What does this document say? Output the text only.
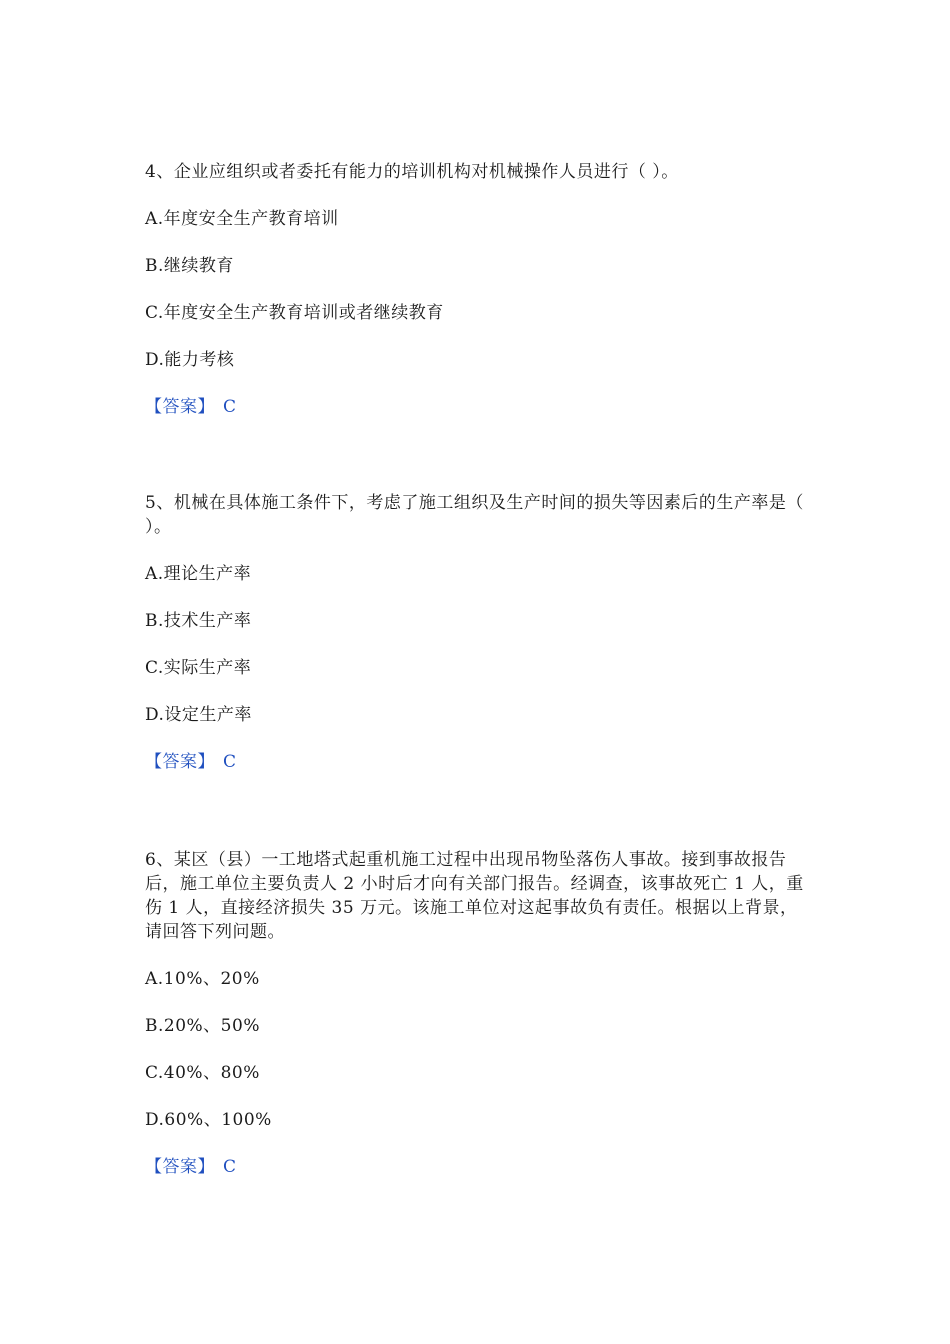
4、企业应组织或者委托有能力的培训机构对机械操作人员进行（ ）。

A.年度安全生产教育培训
B.继续教育
C.年度安全生产教育培训或者继续教育
D.能力考核
【答案】 C

5、机械在具体施工条件下，考虑了施工组织及生产时间的损失等因素后的生产率是（ ）。

A.理论生产率
B.技术生产率
C.实际生产率
D.设定生产率
【答案】 C

6、某区（县）一工地塔式起重机施工过程中出现吊物坠落伤人事故。接到事故报告后，施工单位主要负责人 2 小时后才向有关部门报告。经调查，该事故死亡 1 人，重伤 1 人，直接经济损失 35 万元。该施工单位对这起事故负有责任。根据以上背景，请回答下列问题。

A.10%、20%
B.20%、50%
C.40%、80%
D.60%、100%
【答案】 C
